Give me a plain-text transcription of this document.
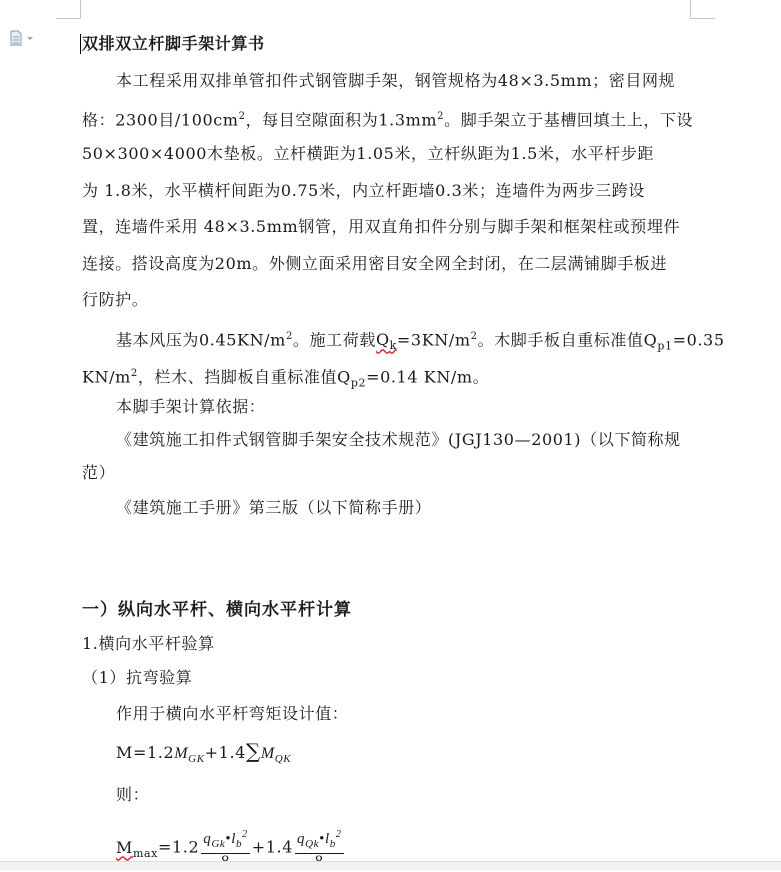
双排双立杆脚手架计算书
本工程采用双排单管扣件式钢管脚手架，钢管规格为48×3.5mm；密目网规
格：2300目$/100cm^2$，每目空隙面积为$1.3mm^2$。脚手架立于基槽回填土上，下设
50×300×4000木垫板。立杆横距为1.05米，立杆纵距为1.5米，水平杆步距
为 1.8米，水平横杆间距为0.75米，内立杆距墙0.3米；连墙件为两步三跨设
置，连墙件采用 48×3.5mm钢管，用双直角扣件分别与脚手架和框架柱或预埋件
连接。搭设高度为20m。外侧立面采用密目安全网全封闭，在二层满铺脚手板进
行防护。
基本风压为$0.45KN/m^2$。施工荷载$Q_k=3KN/m^2$。木脚手板自重标准值$Q_{p1}=0.35$
$KN/m^2$，栏木、挡脚板自重标准值$Q_{p2}=0.14$ KN/m。
本脚手架计算依据：
《建筑施工扣件式钢管脚手架安全技术规范》(JGJ130—2001)（以下简称规
范）
《建筑施工手册》第三版（以下简称手册）
一）纵向水平杆、横向水平杆计算
1.横向水平杆验算
（1）抗弯验算
作用于横向水平杆弯矩设计值：
$M=1.2M_{GK}+1.4\sum M_{QK}$
则：
$M_{max}=1.2$ $q_{Gk}•l_b^2$
+1.4 $q_{Qk}•l_b^2$
